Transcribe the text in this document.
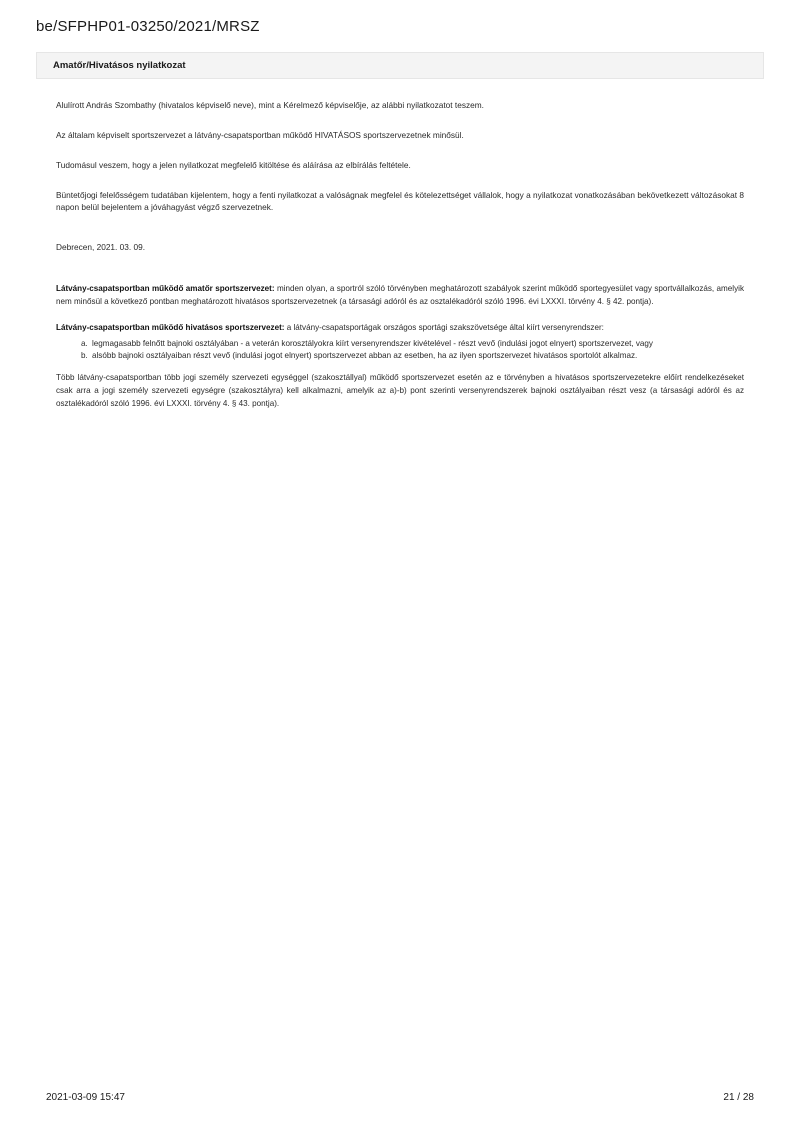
be/SFPHP01-03250/2021/MRSZ
Amatőr/Hivatásos nyilatkozat

Alulírott András Szombathy (hivatalos képviselő neve), mint a Kérelmező képviselője, az alábbi nyilatkozatot teszem.

Az általam képviselt sportszervezet a látvány-csapatsportban működő HIVATÁSOS sportszervezetnek minősül.

Tudomásul veszem, hogy a jelen nyilatkozat megfelelő kitöltése és aláírása az elbírálás feltétele.

Büntetőjogi felelősségem tudatában kijelentem, hogy a fenti nyilatkozat a valóságnak megfelel és kötelezettséget vállalok, hogy a nyilatkozat vonatkozásában bekövetkezett változásokat 8 napon belül bejelentem a jóváhagyást végző szervezetnek.

Debrecen, 2021. 03. 09.

Látvány-csapatsportban működő amatőr sportszervezet: minden olyan, a sportról szóló törvényben meghatározott szabályok szerint működő sportegyesület vagy sportvállalkozás, amelyik nem minősül a következő pontban meghatározott hivatásos sportszervezetnek (a társasági adóról és az osztalékadóról szóló 1996. évi LXXXI. törvény 4. § 42. pontja).

Látvány-csapatsportban működő hivatásos sportszervezet: a látvány-csapatsportágak országos sportági szakszövetsége által kiírt versenyrendszer:

a. legmagasabb felnőtt bajnoki osztályában - a veterán korosztályokra kiírt versenyrendszer kivételével - részt vevő (indulási jogot elnyert) sportszervezet, vagy
b. alsóbb bajnoki osztályaiban részt vevő (indulási jogot elnyert) sportszervezet abban az esetben, ha az ilyen sportszervezet hivatásos sportolót alkalmaz.

Több látvány-csapatsportban több jogi személy szervezeti egységgel (szakosztállyal) működő sportszervezet esetén az e törvényben a hivatásos sportszervezetekre előírt rendelkezéseket csak arra a jogi személy szervezeti egységre (szakosztályra) kell alkalmazni, amelyik az a)-b) pont szerinti versenyrendszerek bajnoki osztályaiban részt vesz (a társasági adóról és az osztalékadóról szóló 1996. évi LXXXI. törvény 4. § 43. pontja).

2021-03-09 15:47	21 / 28
